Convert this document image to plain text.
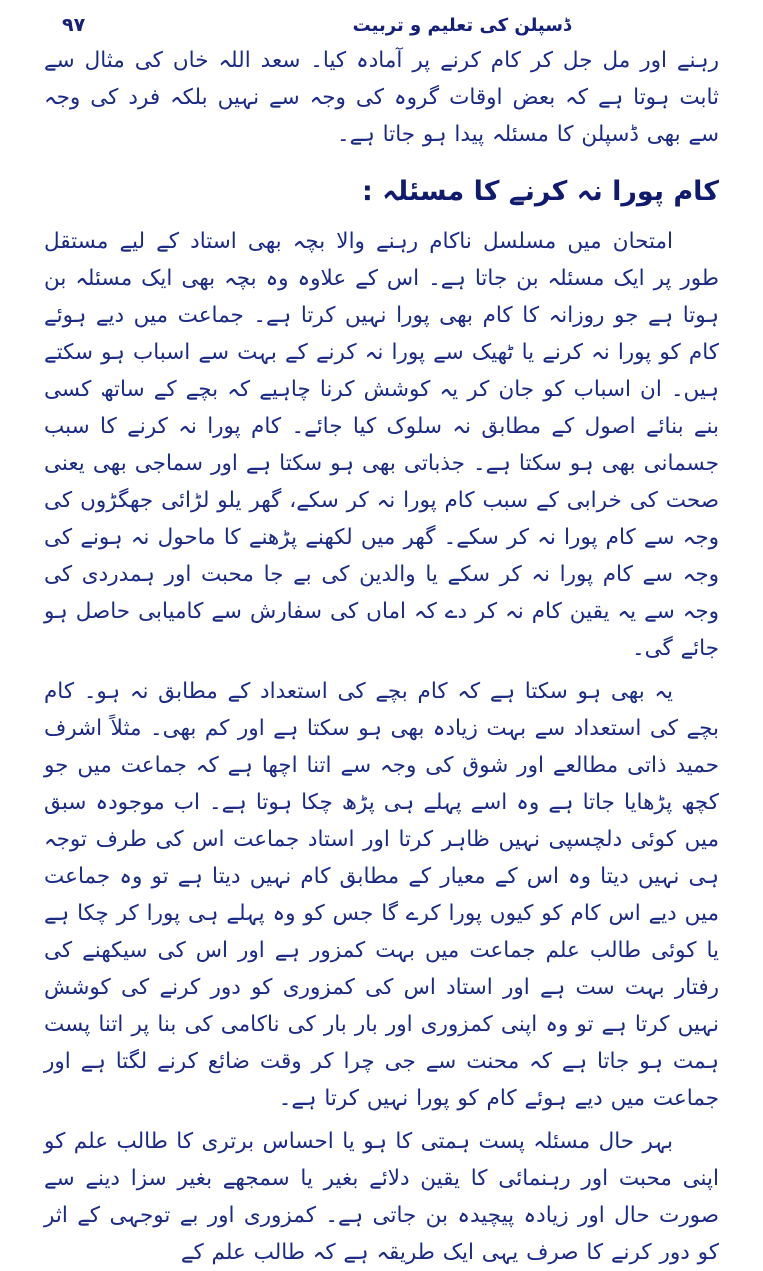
۹۷	ڈسپلن کی تعلیم و تربیت

رہنے اور مل جل کر کام کرنے پر آمادہ کیا۔ سعد اللہ خاں کی مثال سے ثابت ہوتا ہے کہ بعض اوقات گروہ کی وجہ سے نہیں بلکہ فرد کی وجہ سے بھی ڈسپلن کا مسئلہ پیدا ہو جاتا ہے۔

کام پورا نہ کرنے کا مسئلہ :

امتحان میں مسلسل ناکام رہنے والا بچہ بھی استاد کے لیے مستقل طور پر ایک مسئلہ بن جاتا ہے۔ اس کے علاوہ وہ بچہ بھی ایک مسئلہ بن ہوتا ہے جو روزانہ کا کام بھی پورا نہیں کرتا ہے۔ جماعت میں دیے ہوئے کام کو پورا نہ کرنے یا ٹھیک سے پورا نہ کرنے کے بہت سے اسباب ہو سکتے ہیں۔ ان اسباب کو جان کر یہ کوشش کرنا چاہیے کہ بچے کے ساتھ کسی بنے بنائے اصول کے مطابق نہ سلوک کیا جائے۔ کام پورا نہ کرنے کا سبب جسمانی بھی ہو سکتا ہے۔ جذباتی بھی ہو سکتا ہے اور سماجی بھی یعنی صحت کی خرابی کے سبب کام پورا نہ کر سکے، گھر یلو لڑائی جھگڑوں کی وجہ سے کام پورا نہ کر سکے۔ گھر میں لکھنے پڑھنے کا ماحول نہ ہونے کی وجہ سے کام پورا نہ کر سکے یا والدین کی بے جا محبت اور ہمدردی کی وجہ سے یہ یقین کام نہ کر دے کہ اماں کی سفارش سے کامیابی حاصل ہو جائے گی۔

یہ بھی ہو سکتا ہے کہ کام بچے کی استعداد کے مطابق نہ ہو۔ کام بچے کی استعداد سے بہت زیادہ بھی ہو سکتا ہے اور کم بھی۔ مثلاً اشرف حمید ذاتی مطالعے اور شوق کی وجہ سے اتنا اچھا ہے کہ جماعت میں جو کچھ پڑھایا جاتا ہے وہ اسے پہلے ہی پڑھ چکا ہوتا ہے۔ اب موجودہ سبق میں کوئی دلچسپی نہیں ظاہر کرتا اور استاد جماعت اس کی طرف توجہ ہی نہیں دیتا وہ اس کے معیار کے مطابق کام نہیں دیتا ہے تو وہ جماعت میں دیے اس کام کو کیوں پورا کرے گا جس کو وہ پہلے ہی پورا کر چکا ہے یا کوئی طالب علم جماعت میں بہت کمزور ہے اور اس کی سیکھنے کی رفتار بہت ست ہے اور استاد اس کی کمزوری کو دور کرنے کی کوشش نہیں کرتا ہے تو وہ اپنی کمزوری اور بار بار کی ناکامی کی بنا پر اتنا پست ہمت ہو جاتا ہے کہ محنت سے جی چرا کر وقت ضائع کرنے لگتا ہے اور جماعت میں دیے ہوئے کام کو پورا نہیں کرتا ہے۔

بہر حال مسئلہ پست ہمتی کا ہو یا احساس برتری کا طالب علم کو اپنی محبت اور رہنمائی کا یقین دلائے بغیر یا سمجھے بغیر سزا دینے سے صورت حال اور زیادہ پیچیدہ بن جاتی ہے۔ کمزوری اور بے توجہی کے اثر کو دور کرنے کا صرف یہی ایک طریقہ ہے کہ طالب علم کے
